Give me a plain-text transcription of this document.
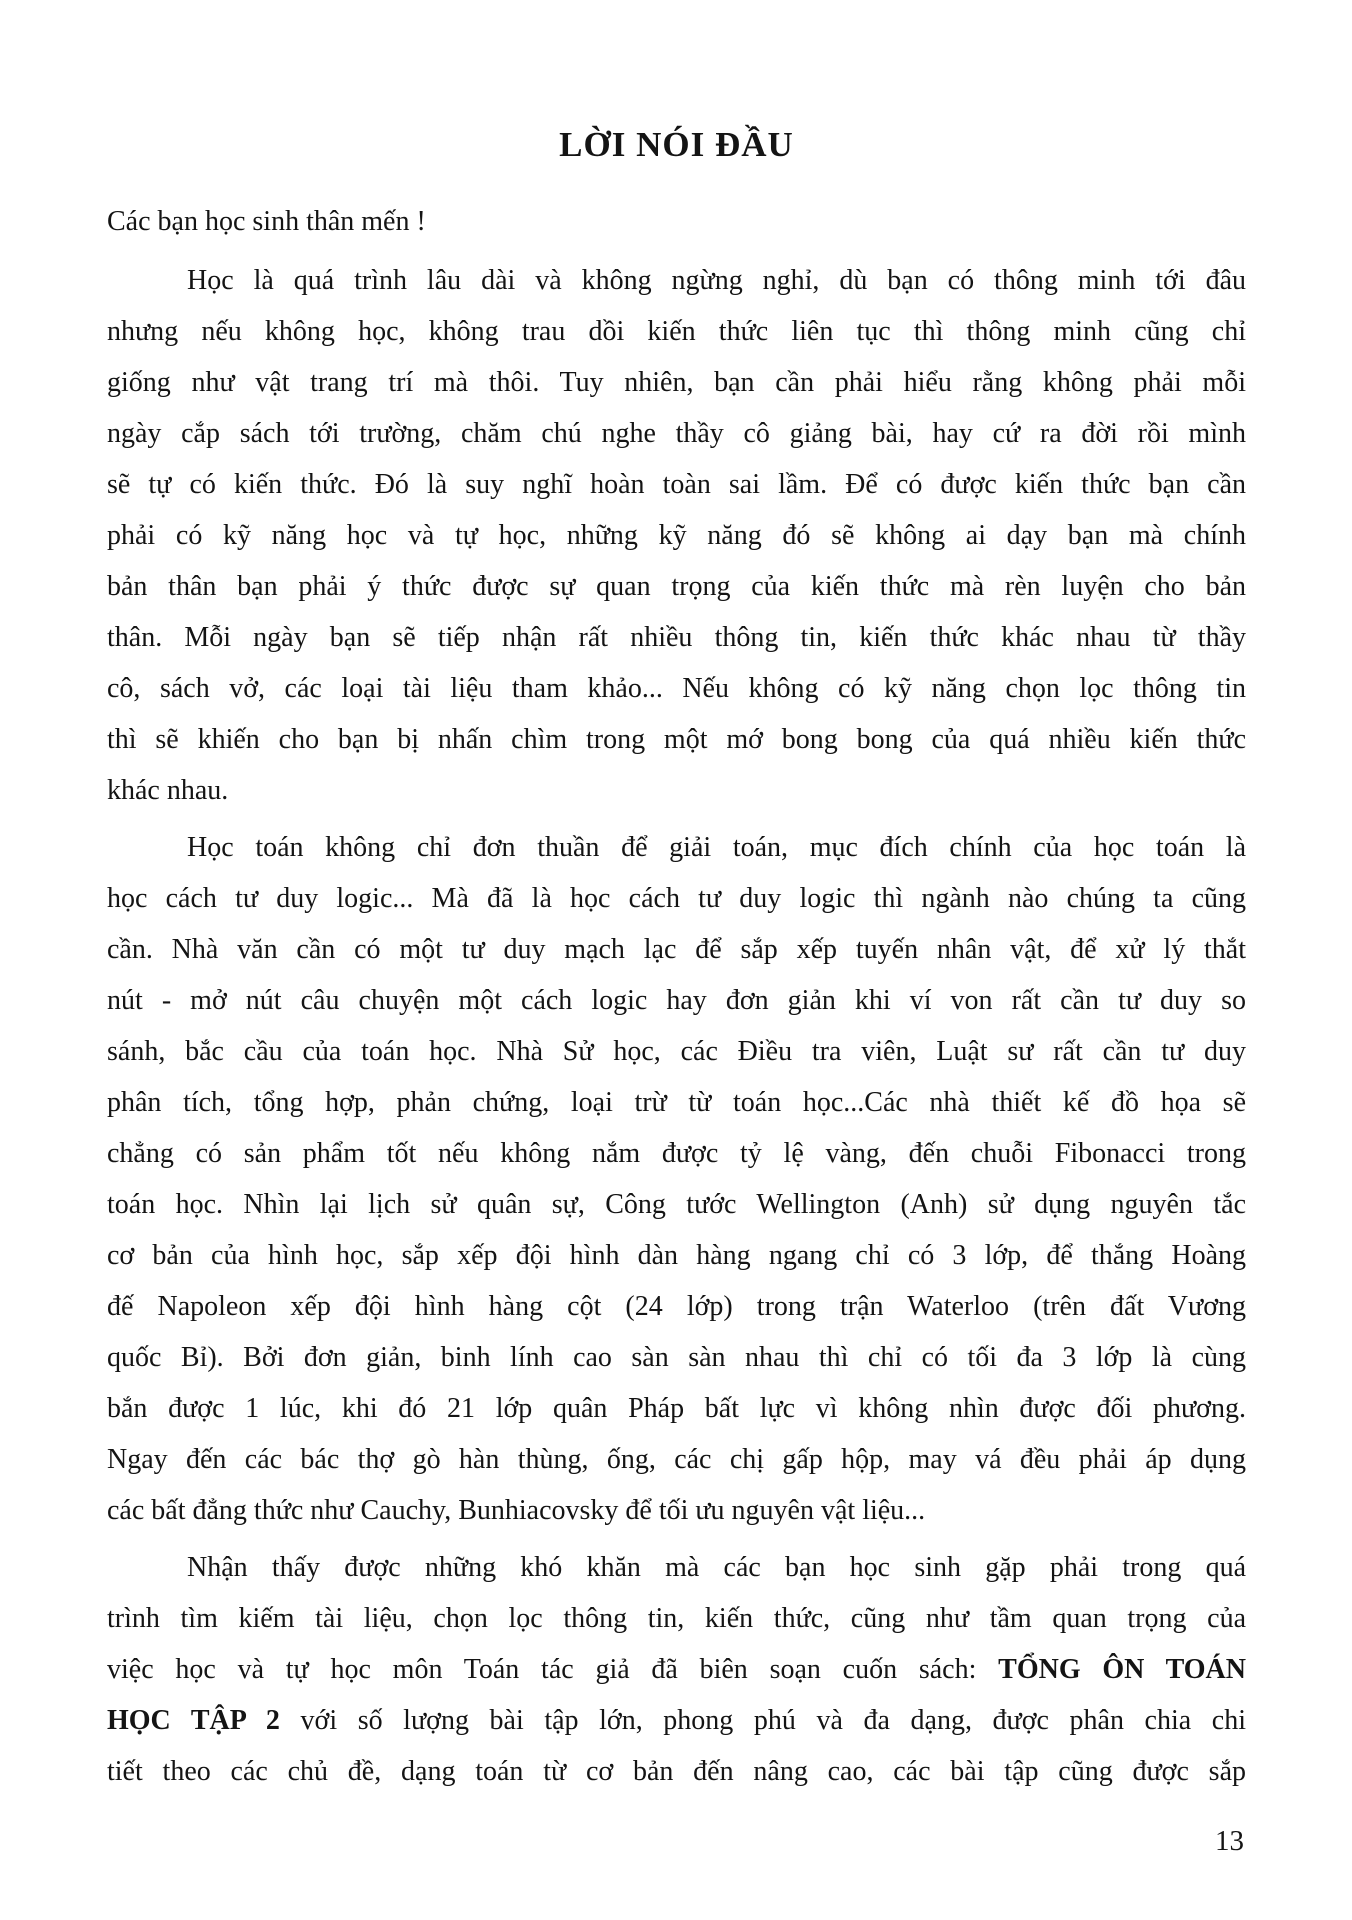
LỜI NÓI ĐẦU
Các bạn học sinh thân mến !
Học là quá trình lâu dài và không ngừng nghỉ, dù bạn có thông minh tới đâu
nhưng nếu không học, không trau dồi kiến thức liên tục thì thông minh cũng chỉ
giống như vật trang trí mà thôi. Tuy nhiên, bạn cần phải hiểu rằng không phải mỗi
ngày cắp sách tới trường, chăm chú nghe thầy cô giảng bài, hay cứ ra đời rồi mình
sẽ tự có kiến thức. Đó là suy nghĩ hoàn toàn sai lầm. Để có được kiến thức bạn cần
phải có kỹ năng học và tự học, những kỹ năng đó sẽ không ai dạy bạn mà chính
bản thân bạn phải ý thức được sự quan trọng của kiến thức mà rèn luyện cho bản
thân. Mỗi ngày bạn sẽ tiếp nhận rất nhiều thông tin, kiến thức khác nhau từ thầy
cô, sách vở, các loại tài liệu tham khảo... Nếu không có kỹ năng chọn lọc thông tin
thì sẽ khiến cho bạn bị nhấn chìm trong một mớ bong bong của quá nhiều kiến thức
khác nhau.
Học toán không chỉ đơn thuần để giải toán, mục đích chính của học toán là
học cách tư duy logic... Mà đã là học cách tư duy logic thì ngành nào chúng ta cũng
cần. Nhà văn cần có một tư duy mạch lạc để sắp xếp tuyến nhân vật, để xử lý thắt
nút - mở nút câu chuyện một cách logic hay đơn giản khi ví von rất cần tư duy so
sánh, bắc cầu của toán học. Nhà Sử học, các Điều tra viên, Luật sư rất cần tư duy
phân tích, tổng hợp, phản chứng, loại trừ từ toán học...Các nhà thiết kế đồ họa sẽ
chẳng có sản phẩm tốt nếu không nắm được tỷ lệ vàng, đến chuỗi Fibonacci trong
toán học. Nhìn lại lịch sử quân sự, Công tước Wellington (Anh) sử dụng nguyên tắc
cơ bản của hình học, sắp xếp đội hình dàn hàng ngang chỉ có 3 lớp, để thắng Hoàng
đế Napoleon xếp đội hình hàng cột (24 lớp) trong trận Waterloo (trên đất Vương
quốc Bỉ). Bởi đơn giản, binh lính cao sàn sàn nhau thì chỉ có tối đa 3 lớp là cùng
bắn được 1 lúc, khi đó 21 lớp quân Pháp bất lực vì không nhìn được đối phương.
Ngay đến các bác thợ gò hàn thùng, ống, các chị gấp hộp, may vá đều phải áp dụng
các bất đẳng thức như Cauchy, Bunhiacovsky để tối ưu nguyên vật liệu...
Nhận thấy được những khó khăn mà các bạn học sinh gặp phải trong quá
trình tìm kiếm tài liệu, chọn lọc thông tin, kiến thức, cũng như tầm quan trọng của
việc học và tự học môn Toán tác giả đã biên soạn cuốn sách: TỔNG ÔN TOÁN
HỌC TẬP 2 với số lượng bài tập lớn, phong phú và đa dạng, được phân chia chi
tiết theo các chủ đề, dạng toán từ cơ bản đến nâng cao, các bài tập cũng được sắp
13
